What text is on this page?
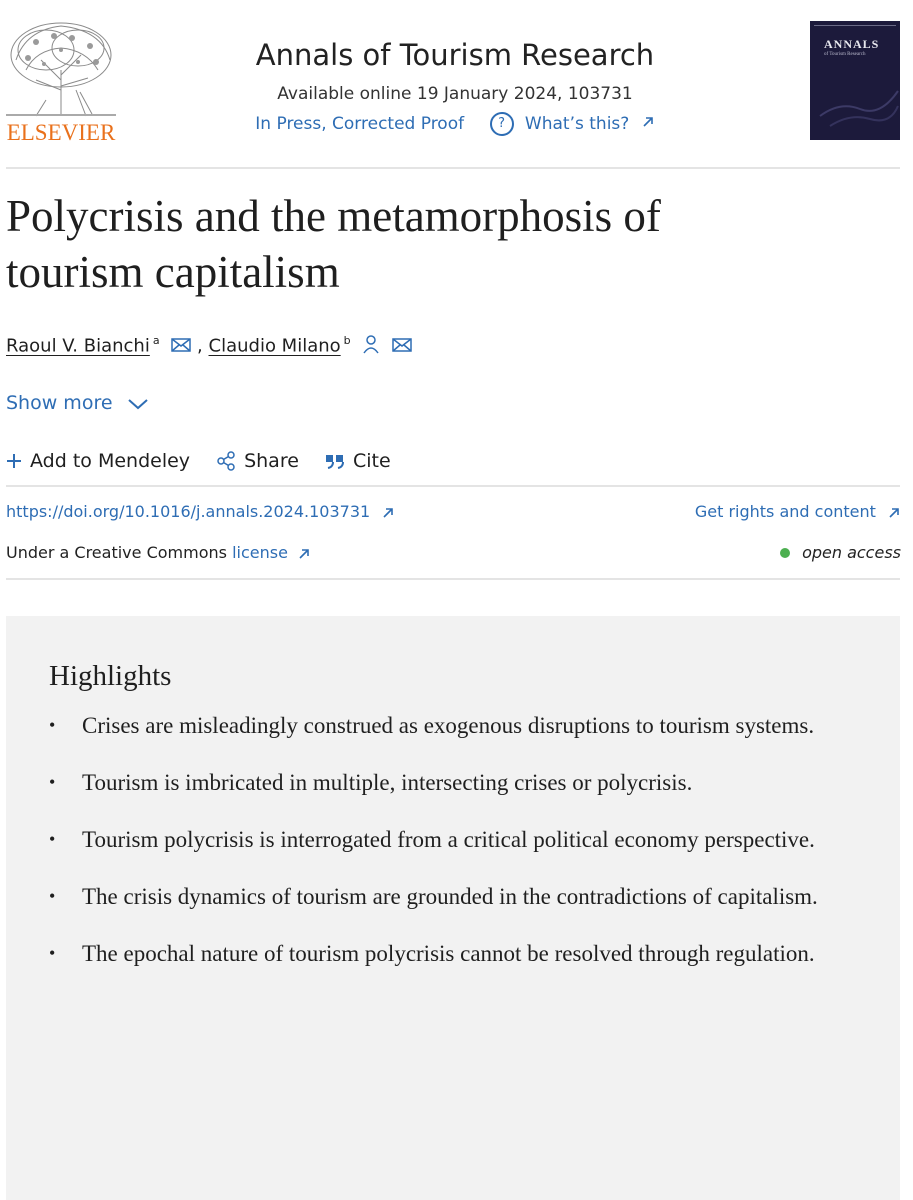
ELSEVIER
Annals of Tourism Research
Available online 19 January 2024, 103731
In Press, Corrected Proof	? What’s this?
ANNALS
of Tourism Research
Polycrisis and the metamorphosis of
tourism capitalism
Raoul V. Bianchi $^a$ , Claudio Milano $^b$
Show more
Add to Mendeley	Share	Cite
https://doi.org/10.1016/j.annals.2024.103731	Get rights and content
Under a Creative Commons license	open access
Highlights
• Crises are misleadingly construed as exogenous disruptions to tourism systems.
• Tourism is imbricated in multiple, intersecting crises or polycrisis.
• Tourism polycrisis is interrogated from a critical political economy perspective.
• The crisis dynamics of tourism are grounded in the contradictions of capitalism.
• The epochal nature of tourism polycrisis cannot be resolved through regulation.
